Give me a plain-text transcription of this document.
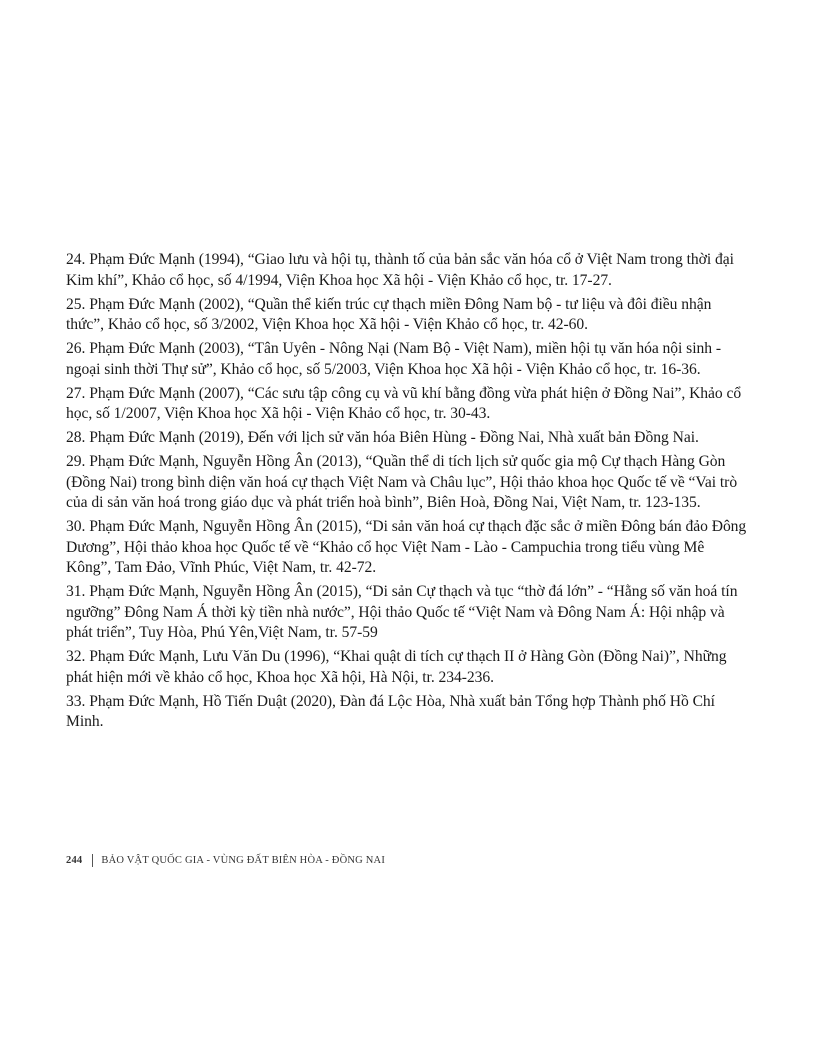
24. Phạm Đức Mạnh (1994), “Giao lưu và hội tụ, thành tố của bản sắc văn hóa cổ ở Việt Nam trong thời đại Kim khí”, Khảo cổ học, số 4/1994, Viện Khoa học Xã hội - Viện Khảo cổ học, tr. 17-27.

25. Phạm Đức Mạnh (2002), “Quần thể kiến trúc cự thạch miền Đông Nam bộ - tư liệu và đôi điều nhận thức”, Khảo cổ học, số 3/2002, Viện Khoa học Xã hội - Viện Khảo cổ học, tr. 42-60.

26. Phạm Đức Mạnh (2003), “Tân Uyên - Nông Nại (Nam Bộ - Việt Nam), miền hội tụ văn hóa nội sinh - ngoại sinh thời Thự sử”, Khảo cổ học, số 5/2003, Viện Khoa học Xã hội - Viện Khảo cổ học, tr. 16-36.

27. Phạm Đức Mạnh (2007), “Các sưu tập công cụ và vũ khí bằng đồng vừa phát hiện ở Đồng Nai”, Khảo cổ học, số 1/2007, Viện Khoa học Xã hội - Viện Khảo cổ học, tr. 30-43.

28. Phạm Đức Mạnh (2019), Đến với lịch sử văn hóa Biên Hùng - Đồng Nai, Nhà xuất bản Đồng Nai.

29. Phạm Đức Mạnh, Nguyễn Hồng Ân (2013), “Quần thể di tích lịch sử quốc gia mộ Cự thạch Hàng Gòn (Đồng Nai) trong bình diện văn hoá cự thạch Việt Nam và Châu lục”, Hội thảo khoa học Quốc tế về “Vai trò của di sản văn hoá trong giáo dục và phát triển hoà bình”, Biên Hoà, Đồng Nai, Việt Nam, tr. 123-135.

30. Phạm Đức Mạnh, Nguyễn Hồng Ân (2015), “Di sản văn hoá cự thạch đặc sắc ở miền Đông bán đảo Đông Dương”, Hội thảo khoa học Quốc tế về “Khảo cổ học Việt Nam - Lào - Campuchia trong tiểu vùng Mê Kông”, Tam Đảo, Vĩnh Phúc, Việt Nam, tr. 42-72.

31. Phạm Đức Mạnh, Nguyễn Hồng Ân (2015), “Di sản Cự thạch và tục “thờ đá lớn” - “Hằng số văn hoá tín ngưỡng” Đông Nam Á thời kỳ tiền nhà nước”, Hội thảo Quốc tế “Việt Nam và Đông Nam Á: Hội nhập và phát triển”, Tuy Hòa, Phú Yên,Việt Nam, tr. 57-59

32. Phạm Đức Mạnh, Lưu Văn Du (1996), “Khai quật di tích cự thạch II ở Hàng Gòn (Đồng Nai)”, Những phát hiện mới về khảo cổ học, Khoa học Xã hội, Hà Nội, tr. 234-236.

33. Phạm Đức Mạnh, Hồ Tiến Duật (2020), Đàn đá Lộc Hòa, Nhà xuất bản Tổng hợp Thành phố Hồ Chí Minh.

244 BẢO VẬT QUỐC GIA - VÙNG ĐẤT BIÊN HÒA - ĐỒNG NAI
